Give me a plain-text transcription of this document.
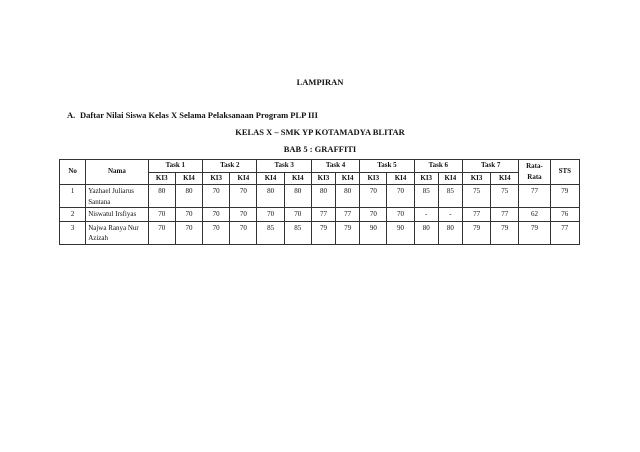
LAMPIRAN
A. Daftar Nilai Siswa Kelas X Selama Pelaksanaan Program PLP III
KELAS X – SMK YP KOTAMADYA BLITAR
BAB 5 : GRAFFITI
No	Nama	Task 1		Task 2		Task 3		Task 4		Task 5		Task 6		Task 7		Rata-Rata	STS
		KI3	KI4	KI3	KI4	KI4	KI4	KI3	KI4	KI3	KI4	KI3	KI4	KI3	KI4		
1	Yazhael Juliarus Santana	80	80	70	70	80	80	80	80	70	70	85	85	75	75	77	79
2	Niswatul Irsfiyas	70	70	70	70	70	70	77	77	70	70	-	-	77	77	62	76
3	Najwa Ranya Nur Azizah	70	70	70	70	85	85	79	79	90	90	80	80	79	79	79	77
